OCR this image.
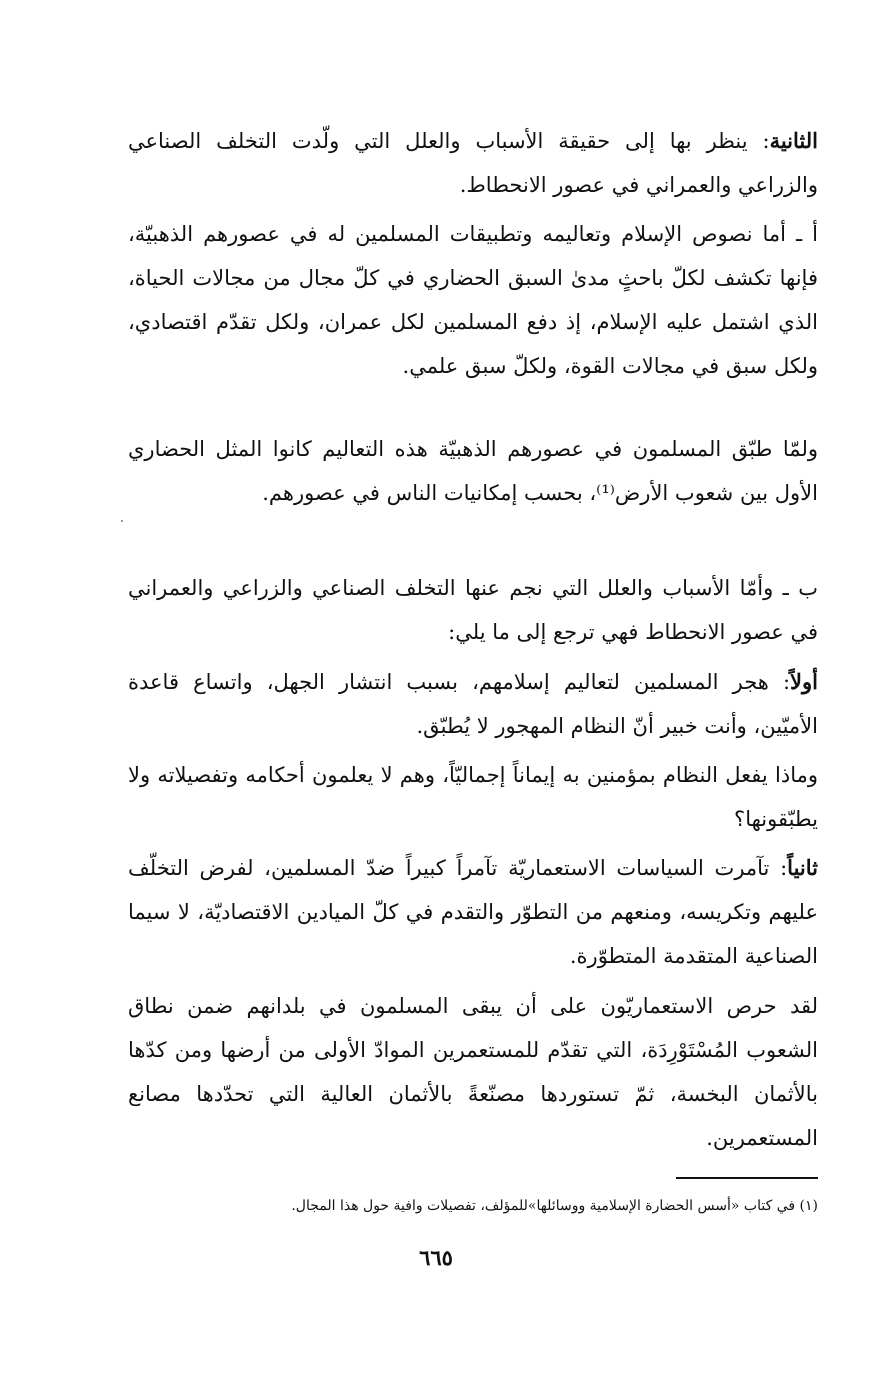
الثانية: ينظر بها إلى حقيقة الأسباب والعلل التي ولّدت التخلف الصناعي والزراعي والعمراني في عصور الانحطاط.

أ ـ أما نصوص الإسلام وتعاليمه وتطبيقات المسلمين له في عصورهم الذهبيّة، فإنها تكشف لكلّ باحثٍ مدىٰ السبق الحضاري في كلّ مجال من مجالات الحياة، الذي اشتمل عليه الإسلام، إذ دفع المسلمين لكل عمران، ولكل تقدّم اقتصادي، ولكل سبق في مجالات القوة، ولكلّ سبق علمي.

ولمّا طبّق المسلمون في عصورهم الذهبيّة هذه التعاليم كانوا المثل الحضاري الأول بين شعوب الأرض⁽¹⁾، بحسب إمكانيات الناس في عصورهم.

ب ـ وأمّا الأسباب والعلل التي نجم عنها التخلف الصناعي والزراعي والعمراني في عصور الانحطاط فهي ترجع إلى ما يلي:

أولاً: هجر المسلمين لتعاليم إسلامهم، بسبب انتشار الجهل، واتساع قاعدة الأميّين، وأنت خبير أنّ النظام المهجور لا يُطبّق.

وماذا يفعل النظام بمؤمنين به إيماناً إجماليّاً، وهم لا يعلمون أحكامه وتفصيلاته ولا يطبّقونها؟

ثانياً: تآمرت السياسات الاستعماريّة تآمراً كبيراً ضدّ المسلمين، لفرض التخلّف عليهم وتكريسه، ومنعهم من التطوّر والتقدم في كلّ الميادين الاقتصاديّة، لا سيما الصناعية المتقدمة المتطوّرة.

لقد حرص الاستعماريّون على أن يبقى المسلمون في بلدانهم ضمن نطاق الشعوب المُسْتَوْرِدَة، التي تقدّم للمستعمرين الموادّ الأولى من أرضها ومن كدّها بالأثمان البخسة، ثمّ تستوردها مصنّعةً بالأثمان العالية التي تحدّدها مصانع المستعمرين.

(١) في كتاب «أسس الحضارة الإسلامية ووسائلها»للمؤلف، تفصيلات وافية حول هذا المجال.
٦٦٥
